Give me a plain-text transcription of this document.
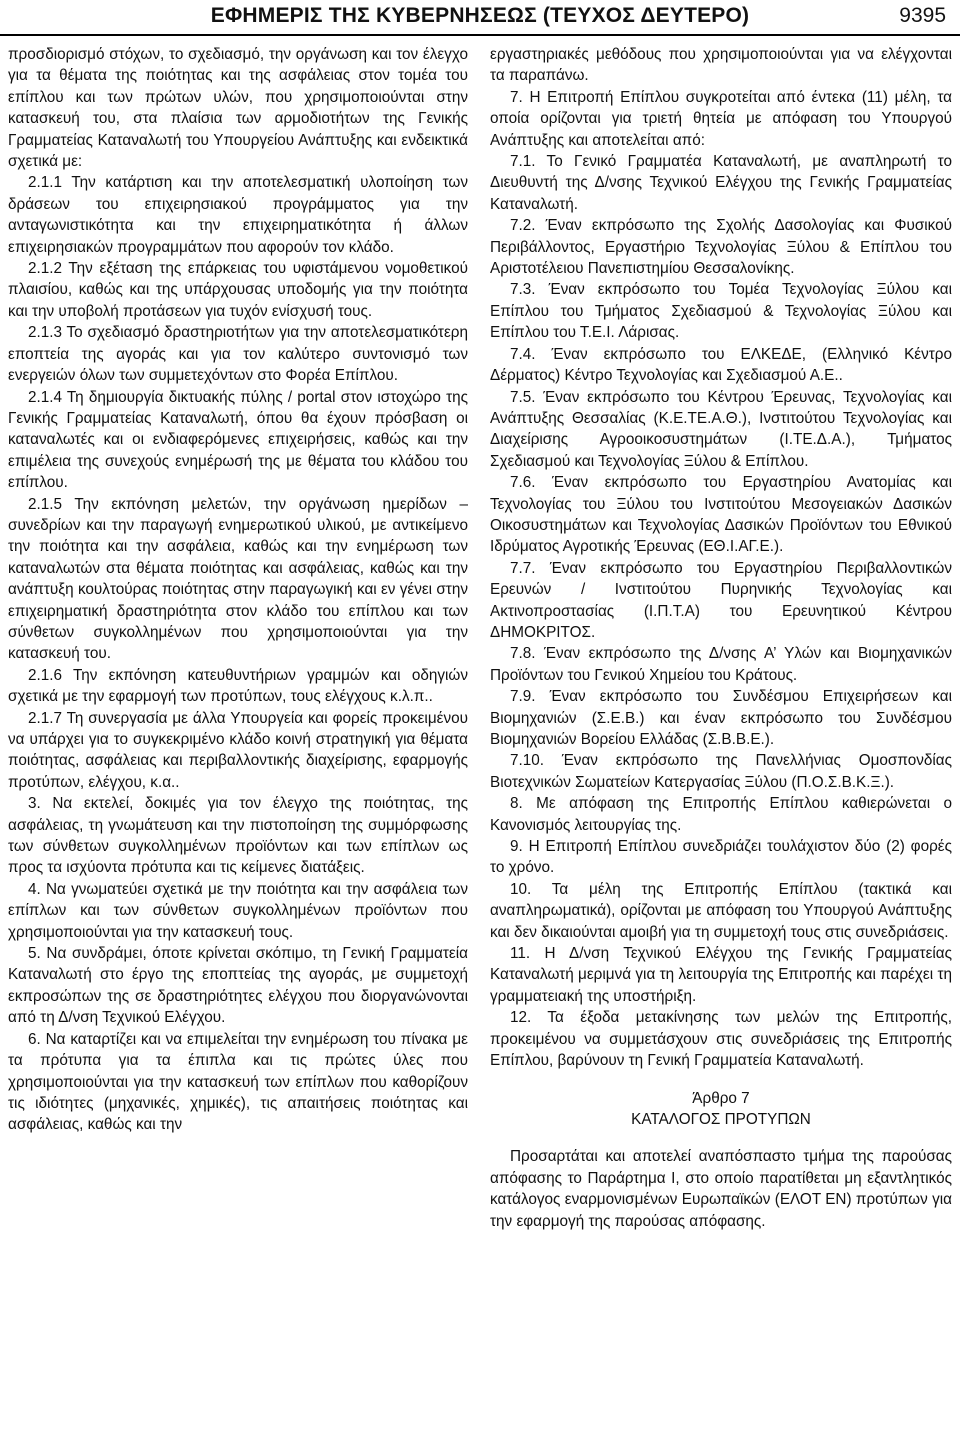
ΕΦΗΜΕΡΙΣ ΤΗΣ ΚΥΒΕΡΝΗΣΕΩΣ (ΤΕΥΧΟΣ ΔΕΥΤΕΡΟ)	9395

προσδιορισμό στόχων, το σχεδιασμό, την οργάνωση και τον έλεγχο για τα θέματα της ποιότητας και της ασφάλειας στον τομέα του επίπλου και των πρώτων υλών, που χρησιμοποιούνται στην κατασκευή του, στα πλαίσια των αρμοδιοτήτων της Γενικής Γραμματείας Καταναλωτή του Υπουργείου Ανάπτυξης και ενδεικτικά σχετικά με:

2.1.1 Την κατάρτιση και την αποτελεσματική υλοποίηση των δράσεων του επιχειρησιακού προγράμματος για την ανταγωνιστικότητα και την επιχειρηματικότητα ή άλλων επιχειρησιακών προγραμμάτων που αφορούν τον κλάδο.

2.1.2 Την εξέταση της επάρκειας του υφιστάμενου νομοθετικού πλαισίου, καθώς και της υπάρχουσας υποδομής για την ποιότητα και την υποβολή προτάσεων για τυχόν ενίσχυσή τους.

2.1.3 Το σχεδιασμό δραστηριοτήτων για την αποτελεσματικότερη εποπτεία της αγοράς και για τον καλύτερο συντονισμό των ενεργειών όλων των συμμετεχόντων στο Φορέα Επίπλου.

2.1.4 Τη δημιουργία δικτυακής πύλης / portal στον ιστοχώρο της Γενικής Γραμματείας Καταναλωτή, όπου θα έχουν πρόσβαση οι καταναλωτές και οι ενδιαφερόμενες επιχειρήσεις, καθώς και την επιμέλεια της συνεχούς ενημέρωσή της με θέματα του κλάδου του επίπλου.

2.1.5 Την εκπόνηση μελετών, την οργάνωση ημερίδων – συνεδρίων και την παραγωγή ενημερωτικού υλικού, με αντικείμενο την ποιότητα και την ασφάλεια, καθώς και την ενημέρωση των καταναλωτών στα θέματα ποιότητας και ασφάλειας, καθώς και την ανάπτυξη κουλτούρας ποιότητας στην παραγωγική και εν γένει στην επιχειρηματική δραστηριότητα στον κλάδο του επίπλου και των σύνθετων συγκολλημένων που χρησιμοποιούνται για την κατασκευή του.

2.1.6 Την εκπόνηση κατευθυντήριων γραμμών και οδηγιών σχετικά με την εφαρμογή των προτύπων, τους ελέγχους κ.λ.π..

2.1.7 Τη συνεργασία με άλλα Υπουργεία και φορείς προκειμένου να υπάρχει για το συγκεκριμένο κλάδο κοινή στρατηγική για θέματα ποιότητας, ασφάλειας και περιβαλλοντικής διαχείρισης, εφαρμογής προτύπων, ελέγχου, κ.α..

3. Να εκτελεί, δοκιμές για τον έλεγχο της ποιότητας, της ασφάλειας, τη γνωμάτευση και την πιστοποίηση της συμμόρφωσης των σύνθετων συγκολλημένων προϊόντων και των επίπλων ως προς τα ισχύοντα πρότυπα και τις κείμενες διατάξεις.

4. Να γνωματεύει σχετικά με την ποιότητα και την ασφάλεια των επίπλων και των σύνθετων συγκολλημένων προϊόντων που χρησιμοποιούνται για την κατασκευή τους.

5. Να συνδράμει, όποτε κρίνεται σκόπιμο, τη Γενική Γραμματεία Καταναλωτή στο έργο της εποπτείας της αγοράς, με συμμετοχή εκπροσώπων της σε δραστηριότητες ελέγχου που διοργανώνονται από τη Δ/νση Τεχνικού Ελέγχου.

6. Να καταρτίζει και να επιμελείται την ενημέρωση του πίνακα με τα πρότυπα για τα έπιπλα και τις πρώτες ύλες που χρησιμοποιούνται για την κατασκευή των επίπλων που καθορίζουν τις ιδιότητες (μηχανικές, χημικές), τις απαιτήσεις ποιότητας και ασφάλειας, καθώς και την

εργαστηριακές μεθόδους που χρησιμοποιούνται για να ελέγχονται τα παραπάνω.

7. Η Επιτροπή Επίπλου συγκροτείται από έντεκα (11) μέλη, τα οποία ορίζονται για τριετή θητεία με απόφαση του Υπουργού Ανάπτυξης και αποτελείται από:

7.1. Το Γενικό Γραμματέα Καταναλωτή, με αναπληρωτή το Διευθυντή της Δ/νσης Τεχνικού Ελέγχου της Γενικής Γραμματείας Καταναλωτή.

7.2. Έναν εκπρόσωπο της Σχολής Δασολογίας και Φυσικού Περιβάλλοντος, Εργαστήριο Τεχνολογίας Ξύλου & Επίπλου του Αριστοτέλειου Πανεπιστημίου Θεσσαλονίκης.

7.3. Έναν εκπρόσωπο του Τομέα Τεχνολογίας Ξύλου και Επίπλου του Τμήματος Σχεδιασμού & Τεχνολογίας Ξύλου και Επίπλου του Τ.Ε.Ι. Λάρισας.

7.4. Έναν εκπρόσωπο του ΕΛΚΕΔΕ, (Ελληνικό Κέντρο Δέρματος) Κέντρο Τεχνολογίας και Σχεδιασμού Α.Ε..

7.5. Έναν εκπρόσωπο του Κέντρου Έρευνας, Τεχνολογίας και Ανάπτυξης Θεσσαλίας (Κ.Ε.ΤΕ.Α.Θ.), Ινστιτούτου Τεχνολογίας και Διαχείρισης Αγροοικοσυστημάτων (Ι.ΤΕ.Δ.Α.), Τμήματος Σχεδιασμού και Τεχνολογίας Ξύλου & Επίπλου.

7.6. Έναν εκπρόσωπο του Εργαστηρίου Ανατομίας και Τεχνολογίας του Ξύλου του Ινστιτούτου Μεσογειακών Δασικών Οικοσυστημάτων και Τεχνολογίας Δασικών Προϊόντων του Εθνικού Ιδρύματος Αγροτικής Έρευνας (ΕΘ.Ι.ΑΓ.Ε.).

7.7. Έναν εκπρόσωπο του Εργαστηρίου Περιβαλλοντικών Ερευνών / Ινστιτούτου Πυρηνικής Τεχνολογίας και Ακτινοπροστασίας (Ι.Π.Τ.Α) του Ερευνητικού Κέντρου ΔΗΜΟΚΡΙΤΟΣ.

7.8. Έναν εκπρόσωπο της Δ/νσης Α’ Υλών και Βιομηχανικών Προϊόντων του Γενικού Χημείου του Κράτους.

7.9. Έναν εκπρόσωπο του Συνδέσμου Επιχειρήσεων και Βιομηχανιών (Σ.Ε.Β.) και έναν εκπρόσωπο του Συνδέσμου Βιομηχανιών Βορείου Ελλάδας (Σ.Β.Β.Ε.).

7.10. Έναν εκπρόσωπο της Πανελλήνιας Ομοσπονδίας Βιοτεχνικών Σωματείων Κατεργασίας Ξύλου (Π.Ο.Σ.Β.Κ.Ξ.).

8. Με απόφαση της Επιτροπής Επίπλου καθιερώνεται ο Κανονισμός λειτουργίας της.

9. Η Επιτροπή Επίπλου συνεδριάζει τουλάχιστον δύο (2) φορές το χρόνο.

10. Τα μέλη της Επιτροπής Επίπλου (τακτικά και αναπληρωματικά), ορίζονται με απόφαση του Υπουργού Ανάπτυξης και δεν δικαιούνται αμοιβή για τη συμμετοχή τους στις συνεδριάσεις.

11. Η Δ/νση Τεχνικού Ελέγχου της Γενικής Γραμματείας Καταναλωτή μεριμνά για τη λειτουργία της Επιτροπής και παρέχει τη γραμματειακή της υποστήριξη.

12. Τα έξοδα μετακίνησης των μελών της Επιτροπής, προκειμένου να συμμετάσχουν στις συνεδριάσεις της Επιτροπής Επίπλου, βαρύνουν τη Γενική Γραμματεία Καταναλωτή.

Άρθρο 7

ΚΑΤΑΛΟΓΟΣ ΠΡΟΤΥΠΩΝ

Προσαρτάται και αποτελεί αναπόσπαστο τμήμα της παρούσας απόφασης το Παράρτημα Ι, στο οποίο παρατίθεται μη εξαντλητικός κατάλογος εναρμονισμένων Ευρωπαϊκών (ΕΛΟΤ ΕΝ) προτύπων για την εφαρμογή της παρούσας απόφασης.
